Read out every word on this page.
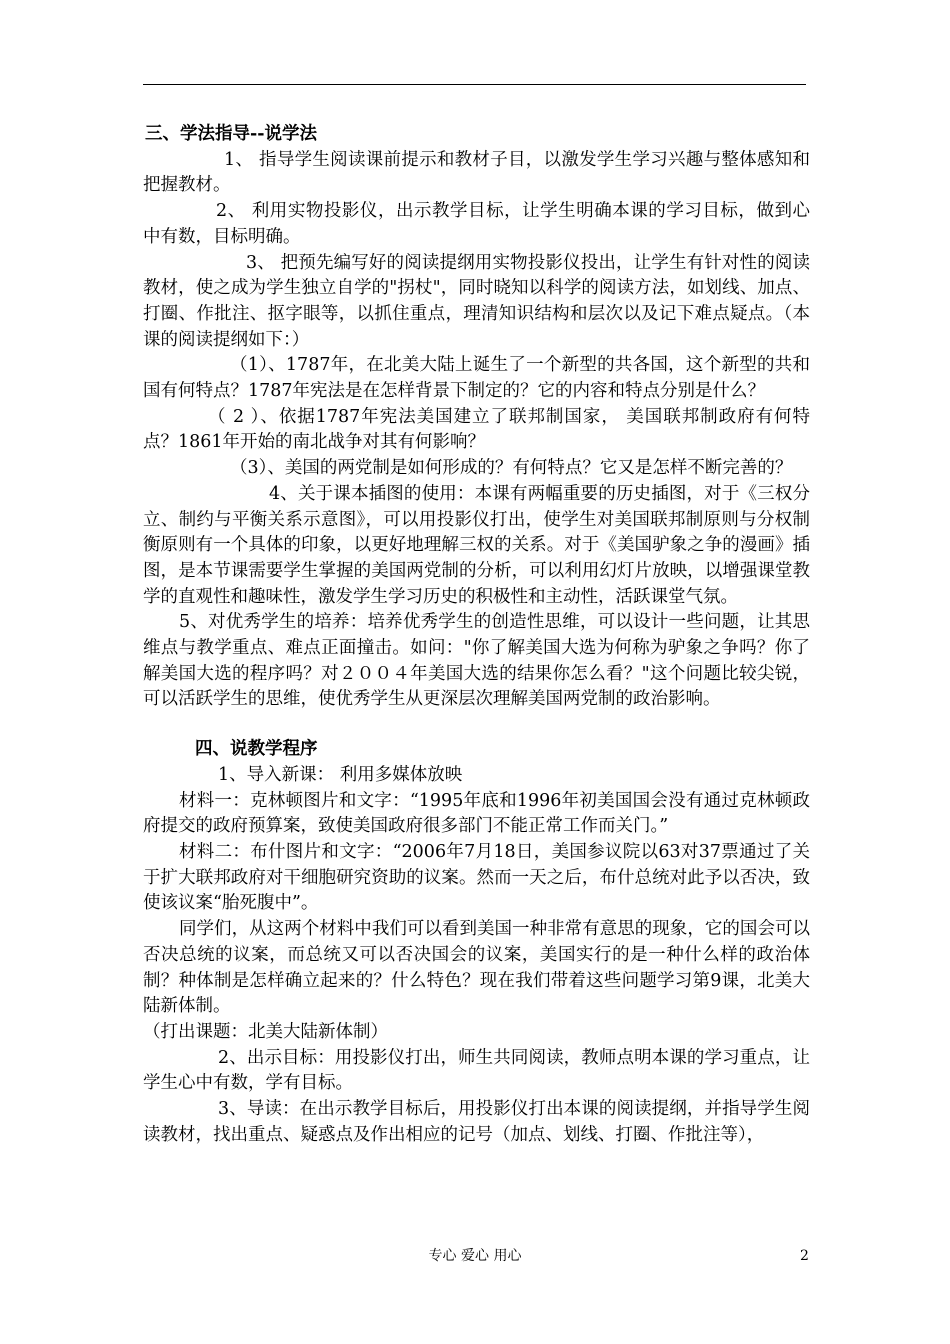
三、学法指导--说学法

1、 指导学生阅读课前提示和教材子目，以激发学生学习兴趣与整体感知和把握教材。

2、 利用实物投影仪，出示教学目标，让学生明确本课的学习目标，做到心中有数，目标明确。

3、 把预先编写好的阅读提纲用实物投影仪投出，让学生有针对性的阅读教材，使之成为学生独立自学的"拐杖"，同时晓知以科学的阅读方法，如划线、加点、打圈、作批注、抠字眼等，以抓住重点，理清知识结构和层次以及记下难点疑点。（本课的阅读提纲如下：）

（1）、1787年，在北美大陆上诞生了一个新型的共各国，这个新型的共和国有何特点？1787年宪法是在怎样背景下制定的？它的内容和特点分别是什么？

（ 2 ）、依据1787年宪法美国建立了联邦制国家， 美国联邦制政府有何特点？1861年开始的南北战争对其有何影响？

（3）、美国的两党制是如何形成的？有何特点？它又是怎样不断完善的？

4、关于课本插图的使用：本课有两幅重要的历史插图，对于《三权分立、制约与平衡关系示意图》，可以用投影仪打出，使学生对美国联邦制原则与分权制衡原则有一个具体的印象，以更好地理解三权的关系。对于《美国驴象之争的漫画》插图，是本节课需要学生掌握的美国两党制的分析，可以利用幻灯片放映，以增强课堂教学的直观性和趣味性，激发学生学习历史的积极性和主动性，活跃课堂气氛。

5、对优秀学生的培养：培养优秀学生的创造性思维，可以设计一些问题，让其思维点与教学重点、难点正面撞击。如问："你了解美国大选为何称为驴象之争吗？你了解美国大选的程序吗？对２００４年美国大选的结果你怎么看？"这个问题比较尖锐，可以活跃学生的思维，使优秀学生从更深层次理解美国两党制的政治影响。

四、说教学程序

1、导入新课： 利用多媒体放映

材料一：克林顿图片和文字：“1995年底和1996年初美国国会没有通过克林顿政府提交的政府预算案，致使美国政府很多部门不能正常工作而关门。”

材料二：布什图片和文字：“2006年7月18日，美国参议院以63对37票通过了关于扩大联邦政府对干细胞研究资助的议案。然而一天之后，布什总统对此予以否决，致使该议案“胎死腹中”。

同学们，从这两个材料中我们可以看到美国一种非常有意思的现象，它的国会可以否决总统的议案，而总统又可以否决国会的议案，美国实行的是一种什么样的政治体制？种体制是怎样确立起来的？什么特色？现在我们带着这些问题学习第9课，北美大陆新体制。

（打出课题：北美大陆新体制）

2、出示目标：用投影仪打出，师生共同阅读，教师点明本课的学习重点，让学生心中有数，学有目标。

3、导读：在出示教学目标后，用投影仪打出本课的阅读提纲，并指导学生阅读教材，找出重点、疑惑点及作出相应的记号（加点、划线、打圈、作批注等），

专心 爱心 用心	2
